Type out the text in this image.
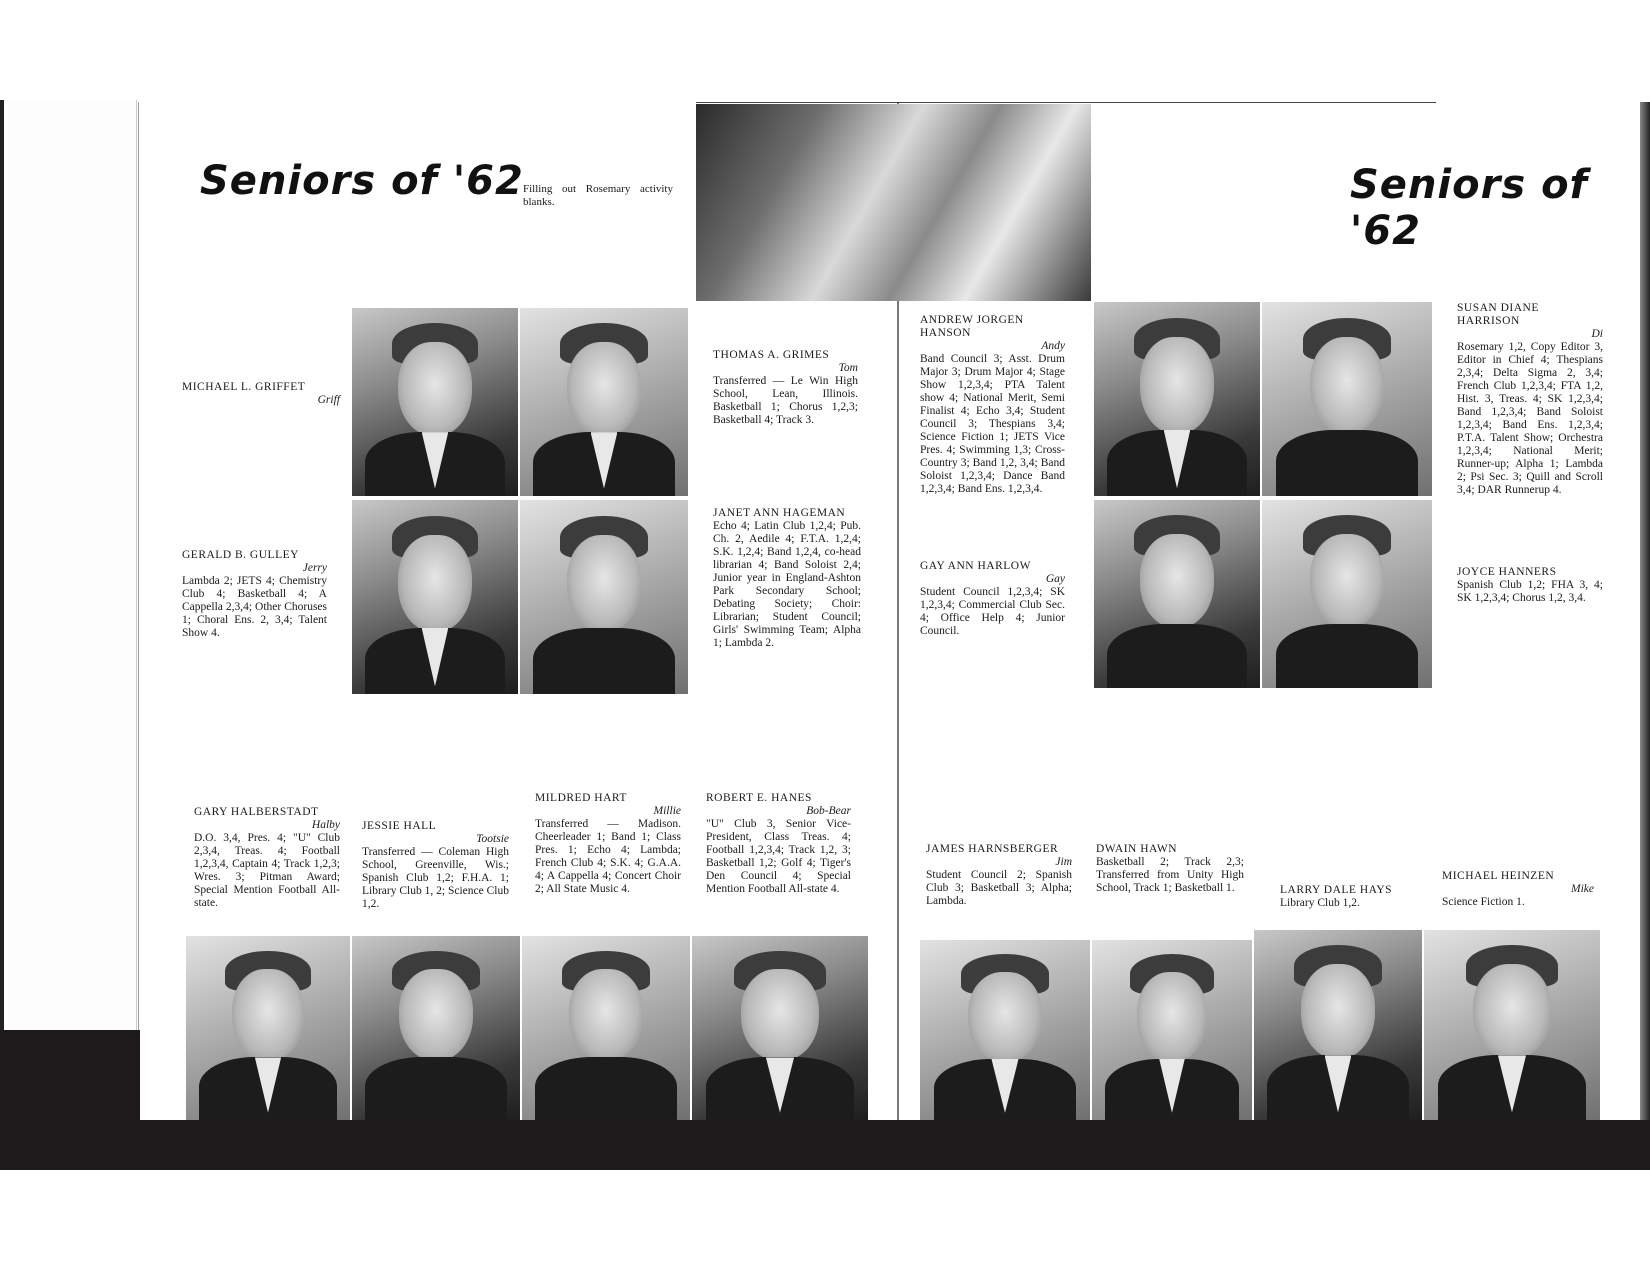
Seniors of '62	Seniors of '62
Filling out Rosemary activity blanks.
MICHAEL L. GRIFFET
Griff
GERALD B. GULLEY
Jerry
Lambda 2; JETS 4; Chemistry Club 4; Basketball 4; A Cappella 2,3,4; Other Choruses 1; Choral Ens. 2, 3,4; Talent Show 4.
THOMAS A. GRIMES
Tom
Transferred — Le Win High School, Lean, Illinois. Basketball 1; Chorus 1,2,3; Basketball 4; Track 3.
JANET ANN HAGEMAN
Echo 4; Latin Club 1,2,4; Pub. Ch. 2, Aedile 4; F.T.A. 1,2,4; S.K. 1,2,4; Band 1,2,4, co-head librarian 4; Band Soloist 2,4; Junior year in England-Ashton Park Secondary School; Debating Society; Choir: Librarian; Student Council; Girls' Swimming Team; Alpha 1; Lambda 2.
ANDREW JORGEN HANSON
Andy
Band Council 3; Asst. Drum Major 3; Drum Major 4; Stage Show 1,2,3,4; PTA Talent show 4; National Merit, Semi Finalist 4; Echo 3,4; Student Council 3; Thespians 3,4; Science Fiction 1; JETS Vice Pres. 4; Swimming 1,3; Cross-Country 3; Band 1,2, 3,4; Band Soloist 1,2,3,4; Dance Band 1,2,3,4; Band Ens. 1,2,3,4.
GAY ANN HARLOW
Gay
Student Council 1,2,3,4; SK 1,2,3,4; Commercial Club Sec. 4; Office Help 4; Junior Council.
SUSAN DIANE HARRISON
Di
Rosemary 1,2, Copy Editor 3, Editor in Chief 4; Thespians 2,3,4; Delta Sigma 2, 3,4; French Club 1,2,3,4; FTA 1,2, Hist. 3, Treas. 4; SK 1,2,3,4; Band 1,2,3,4; Band Soloist 1,2,3,4; Band Ens. 1,2,3,4; P.T.A. Talent Show; Orchestra 1,2,3,4; National Merit; Runner-up; Alpha 1; Lambda 2; Psi Sec. 3; Quill and Scroll 3,4; DAR Runnerup 4.
JOYCE HANNERS
Spanish Club 1,2; FHA 3, 4; SK 1,2,3,4; Chorus 1,2, 3,4.
GARY HALBERSTADT
Halby
D.O. 3,4, Pres. 4; "U" Club 2,3,4, Treas. 4; Football 1,2,3,4, Captain 4; Track 1,2,3; Wres. 3; Pitman Award; Special Mention Football All-state.
JESSIE HALL
Tootsie
Transferred — Coleman High School, Greenville, Wis.; Spanish Club 1,2; F.H.A. 1; Library Club 1, 2; Science Club 1,2.
MILDRED HART
Millie
Transferred — Madison. Cheerleader 1; Band 1; Class Pres. 1; Echo 4; Lambda; French Club 4; S.K. 4; G.A.A. 4; A Cappella 4; Concert Choir 2; All State Music 4.
ROBERT E. HANES
Bob-Bear
"U" Club 3, Senior Vice-President, Class Treas. 4; Football 1,2,3,4; Track 1,2, 3; Basketball 1,2; Golf 4; Tiger's Den Council 4; Special Mention Football All-state 4.
JAMES HARNSBERGER
Jim
Student Council 2; Spanish Club 3; Basketball 3; Alpha; Lambda.
DWAIN HAWN
Basketball 2; Track 2,3; Transferred from Unity High School, Track 1; Basketball 1.	LARRY DALE HAYS
Library Club 1,2.
MICHAEL HEINZEN
Mike
Science Fiction 1.
